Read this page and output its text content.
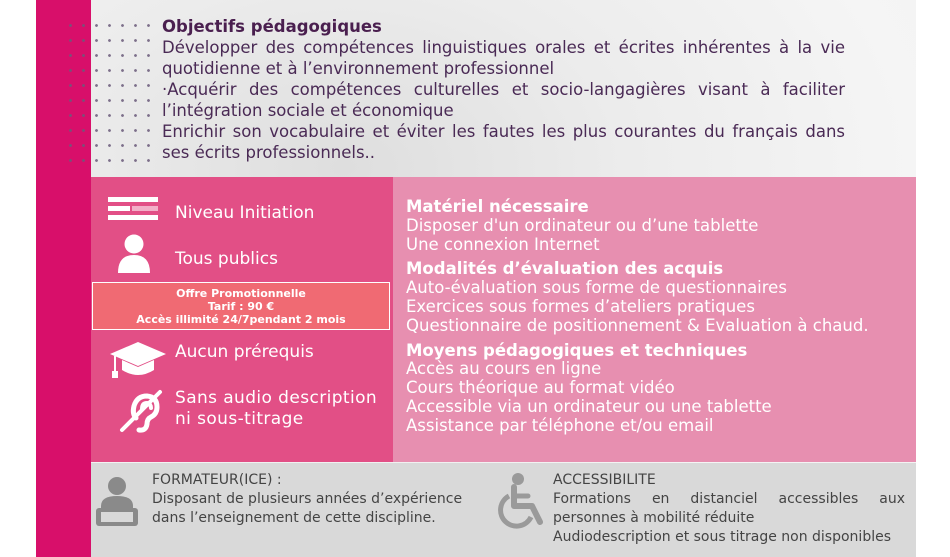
Objectifs pédagogiques
Développer des compétences linguistiques orales et écrites inhérentes à la vie quotidienne et à l’environnement professionnel
·Acquérir des compétences culturelles et socio-langagières visant à faciliter l’intégration sociale et économique
Enrichir son vocabulaire et éviter les fautes les plus courantes du français dans ses écrits professionnels..
Niveau Initiation
Tous publics
Offre Promotionnelle
Tarif : 90 €
Accès illimité 24/7pendant 2 mois
Aucun prérequis
Sans audio description
ni sous-titrage
Matériel nécessaire
Disposer d'un ordinateur ou d’une tablette
Une connexion Internet
Modalités d’évaluation des acquis
Auto-évaluation sous forme de questionnaires
Exercices sous formes d’ateliers pratiques
Questionnaire de positionnement & Evaluation à chaud.
Moyens pédagogiques et techniques
Accès au cours en ligne
Cours théorique au format vidéo
Accessible via un ordinateur ou une tablette
Assistance par téléphone et/ou email
FORMATEUR(ICE) :
Disposant de plusieurs années d’expérience
dans l’enseignement de cette discipline.
ACCESSIBILITE
Formations en distanciel accessibles aux personnes à mobilité réduite
Audiodescription et sous titrage non disponibles
